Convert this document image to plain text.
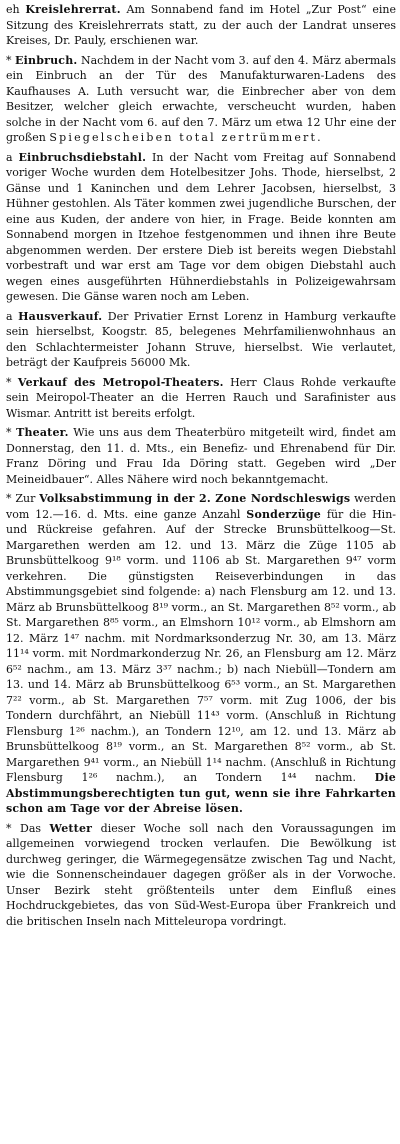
eh Kreislehrerrat. Am Sonnabend fand im Hotel „Zur Post“ eine Sitzung des Kreislehrerrats statt, zu der auch der Landrat unseres Kreises, Dr. Pauly, erschienen war.

* Einbruch. Nachdem in der Nacht vom 3. auf den 4. März abermals ein Einbruch an der Tür des Manufakturwaren-Ladens des Kaufhauses A. Luth versucht war, die Einbrecher aber von dem Besitzer, welcher gleich erwachte, verscheucht wurden, haben solche in der Nacht vom 6. auf den 7. März um etwa 12 Uhr eine der großen Spiegelscheiben total zertrümmert.

a Einbruchsdiebstahl. In der Nacht vom Freitag auf Sonnabend voriger Woche wurden dem Hotelbesitzer Johs. Thode, hierselbst, 2 Gänse und 1 Kaninchen und dem Lehrer Jacobsen, hierselbst, 3 Hühner gestohlen. Als Täter kommen zwei jugendliche Burschen, der eine aus Kuden, der andere von hier, in Frage. Beide konnten am Sonnabend morgen in Itzehoe festgenommen und ihnen ihre Beute abgenommen werden. Der erstere Dieb ist bereits wegen Diebstahl vorbestraft und war erst am Tage vor dem obigen Diebstahl auch wegen eines ausgeführten Hühnerdiebstahls in Polizeigewahrsam gewesen. Die Gänse waren noch am Leben.

a Hausverkauf. Der Privatier Ernst Lorenz in Hamburg verkaufte sein hierselbst, Koogstr. 85, belegenes Mehrfamilienwohnhaus an den Schlachtermeister Johann Struve, hierselbst. Wie verlautet, beträgt der Kaufpreis 56000 Mk.

* Verkauf des Metropol-Theaters. Herr Claus Rohde verkaufte sein Meiropol-Theater an die Herren Rauch und Sarafinister aus Wismar. Antritt ist bereits erfolgt.

* Theater. Wie uns aus dem Theaterbüro mitgeteilt wird, findet am Donnerstag, den 11. d. Mts., ein Benefiz- und Ehrenabend für Dir. Franz Döring und Frau Ida Döring statt. Gegeben wird „Der Meineidbauer“. Alles Nähere wird noch bekanntgemacht.

* Zur Volksabstimmung in der 2. Zone Nordschleswigs werden vom 12.—16. d. Mts. eine ganze Anzahl Sonderzüge für die Hin- und Rückreise gefahren. Auf der Strecke Brunsbüttelkoog—St. Margarethen werden am 12. und 13. März die Züge 1105 ab Brunsbüttelkoog 9¹⁸ vorm. und 1106 ab St. Margarethen 9⁴⁷ vorm verkehren. Die günstigsten Reiseverbindungen in das Abstimmungsgebiet sind folgende: a) nach Flensburg am 12. und 13. März ab Brunsbüttelkoog 8¹⁹ vorm., an St. Margarethen 8⁵² vorm., ab St. Margarethen 8⁸⁵ vorm., an Elmshorn 10¹² vorm., ab Elmshorn am 12. März 1⁴⁷ nachm. mit Nordmarksonderzug Nr. 30, am 13. März 11¹⁴ vorm. mit Nordmarkonderzug Nr. 26, an Flensburg am 12. März 6⁵² nachm., am 13. März 3³⁷ nachm.; b) nach Niebüll—Tondern am 13. und 14. März ab Brunsbüttelkoog 6⁵³ vorm., an St. Margarethen 7²² vorm., ab St. Margarethen 7⁵⁷ vorm. mit Zug 1006, der bis Tondern durchfährt, an Niebüll 11⁴³ vorm. (Anschluß in Richtung Flensburg 1²⁶ nachm.), an Tondern 12¹⁰, am 12. und 13. März ab Brunsbüttelkoog 8¹⁹ vorm., an St. Margarethen 8⁵² vorm., ab St. Margarethen 9⁴¹ vorm., an Niebüll 1¹⁴ nachm. (Anschluß in Richtung Flensburg 1²⁶ nachm.), an Tondern 1⁴⁴ nachm. Die Abstimmungsberechtigten tun gut, wenn sie ihre Fahrkarten schon am Tage vor der Abreise lösen.

* Das Wetter dieser Woche soll nach den Voraussagungen im allgemeinen vorwiegend trocken verlaufen. Die Bewölkung ist durchweg geringer, die Wärmegegensätze zwischen Tag und Nacht, wie die Sonnenscheindauer dagegen größer als in der Vorwoche. Unser Bezirk steht größtenteils unter dem Einfluß eines Hochdruckgebietes, das von Süd-West-Europa über Frankreich und die britischen Inseln nach Mitteleuropa vordringt.
